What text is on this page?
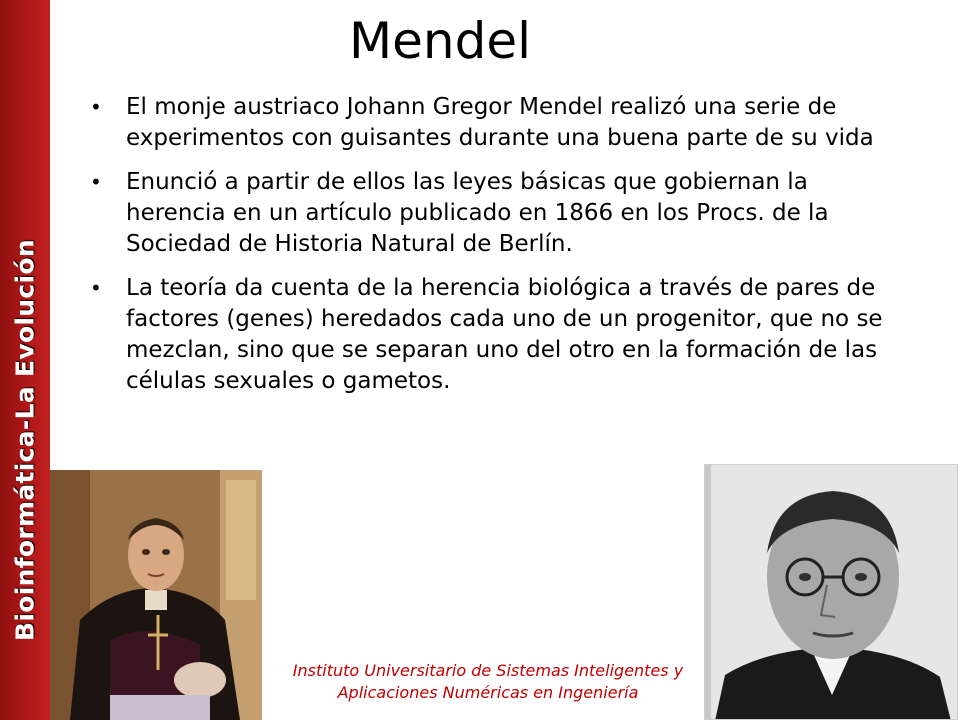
Bioinformática-La Evolución
Mendel
• El monje austriaco Johann Gregor Mendel realizó una serie de experimentos con guisantes durante una buena parte de su vida
• Enunció a partir de ellos las leyes básicas que gobiernan la herencia en un artículo publicado en 1866 en los Procs. de la Sociedad de Historia Natural de Berlín.
• La teoría da cuenta de la herencia biológica a través de pares de factores (genes) heredados cada uno de un progenitor, que no se mezclan, sino que se separan uno del otro en la formación de las células sexuales o gametos.
Instituto Universitario de Sistemas Inteligentes y
Aplicaciones Numéricas en Ingeniería
